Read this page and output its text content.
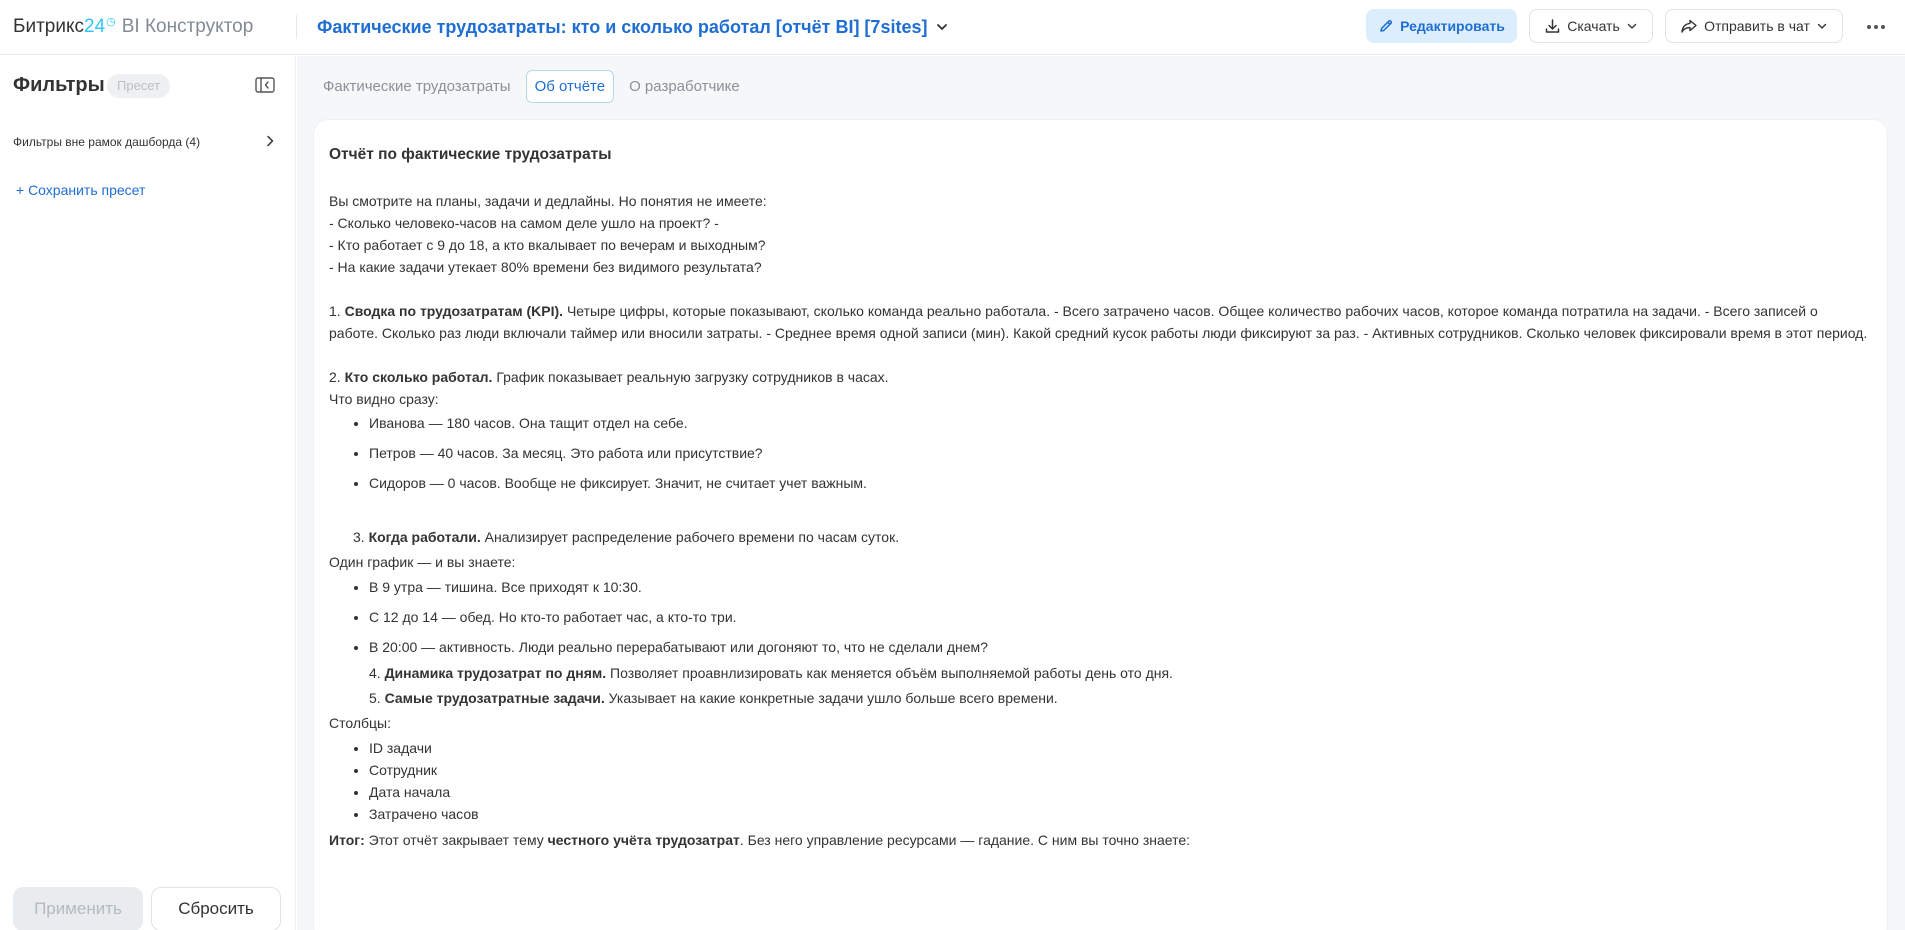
Битрикс24◷ BI Конструктор	Фактические трудозатраты: кто и сколько работал [отчёт BI] [7sites]	Редактировать	Скачать	Отправить в чат
Фильтры Пресет
Фильтры вне рамок дашборда (4)
+ Сохранить пресет
Применить	Сбросить
Фактические трудозатраты	Об отчёте	О разработчике
Отчёт по фактические трудозатраты

Вы смотрите на планы, задачи и дедлайны. Но понятия не имеете:

- Сколько человеко-часов на самом деле ушло на проект? -

- Кто работает с 9 до 18, а кто вкалывает по вечерам и выходным?

- На какие задачи утекает 80% времени без видимого результата?

1. Сводка по трудозатратам (KPI). Четыре цифры, которые показывают, сколько команда реально работала. - Всего затрачено часов. Общее количество рабочих часов, которое команда потратила на задачи. - Всего записей о работе. Сколько раз люди включали таймер или вносили затраты. - Среднее время одной записи (мин). Какой средний кусок работы люди фиксируют за раз. - Активных сотрудников. Сколько человек фиксировали время в этот период.

2. Кто сколько работал. График показывает реальную загрузку сотрудников в часах.

Что видно сразу:

• Иванова — 180 часов. Она тащит отдел на себе.
• Петров — 40 часов. За месяц. Это работа или присутствие?
• Сидоров — 0 часов. Вообще не фиксирует. Значит, не считает учет важным.

3. Когда работали. Анализирует распределение рабочего времени по часам суток.

Один график — и вы знаете:

• В 9 утра — тишина. Все приходят к 10:30.
• С 12 до 14 — обед. Но кто-то работает час, а кто-то три.
• В 20:00 — активность. Люди реально перерабатывают или догоняют то, что не сделали днем?

4. Динамика трудозатрат по дням. Позволяет проавнлизировать как меняется объём выполняемой работы день ото дня.

5. Самые трудозатратные задачи. Указывает на какие конкретные задачи ушло больше всего времени.

Столбцы:

• ID задачи
• Сотрудник
• Дата начала
• Затрачено часов

Итог: Этот отчёт закрывает тему честного учёта трудозатрат. Без него управление ресурсами — гадание. С ним вы точно знаете:
